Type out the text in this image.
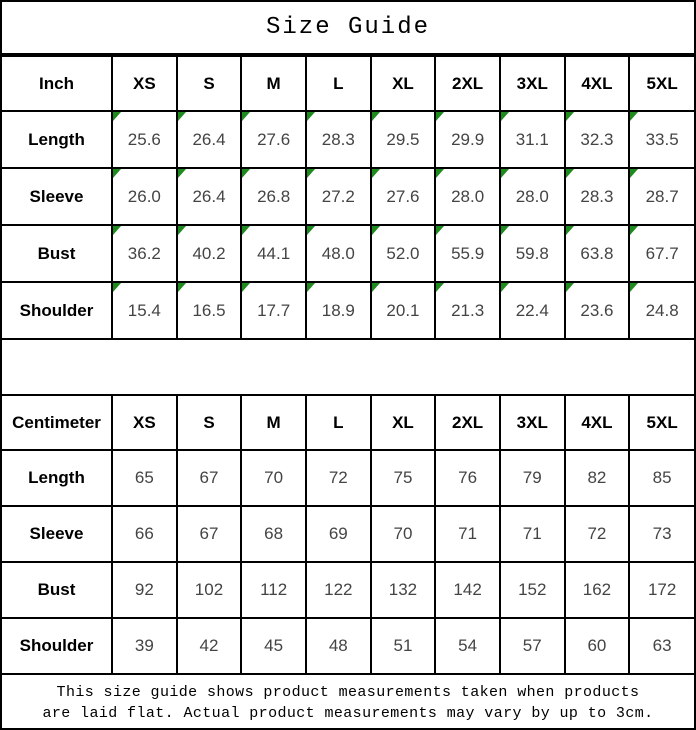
Size Guide
Inch	XS	S	M	L	XL	2XL	3XL	4XL	5XL
Length	25.6	26.4	27.6	28.3	29.5	29.9	31.1	32.3	33.5
Sleeve	26.0	26.4	26.8	27.2	27.6	28.0	28.0	28.3	28.7
Bust	36.2	40.2	44.1	48.0	52.0	55.9	59.8	63.8	67.7
Shoulder	15.4	16.5	17.7	18.9	20.1	21.3	22.4	23.6	24.8
Centimeter	XS	S	M	L	XL	2XL	3XL	4XL	5XL
Length	65	67	70	72	75	76	79	82	85
Sleeve	66	67	68	69	70	71	71	72	73
Bust	92	102	112	122	132	142	152	162	172
Shoulder	39	42	45	48	51	54	57	60	63
This size guide shows product measurements taken when products
are laid flat. Actual product measurements may vary by up to 3cm.
